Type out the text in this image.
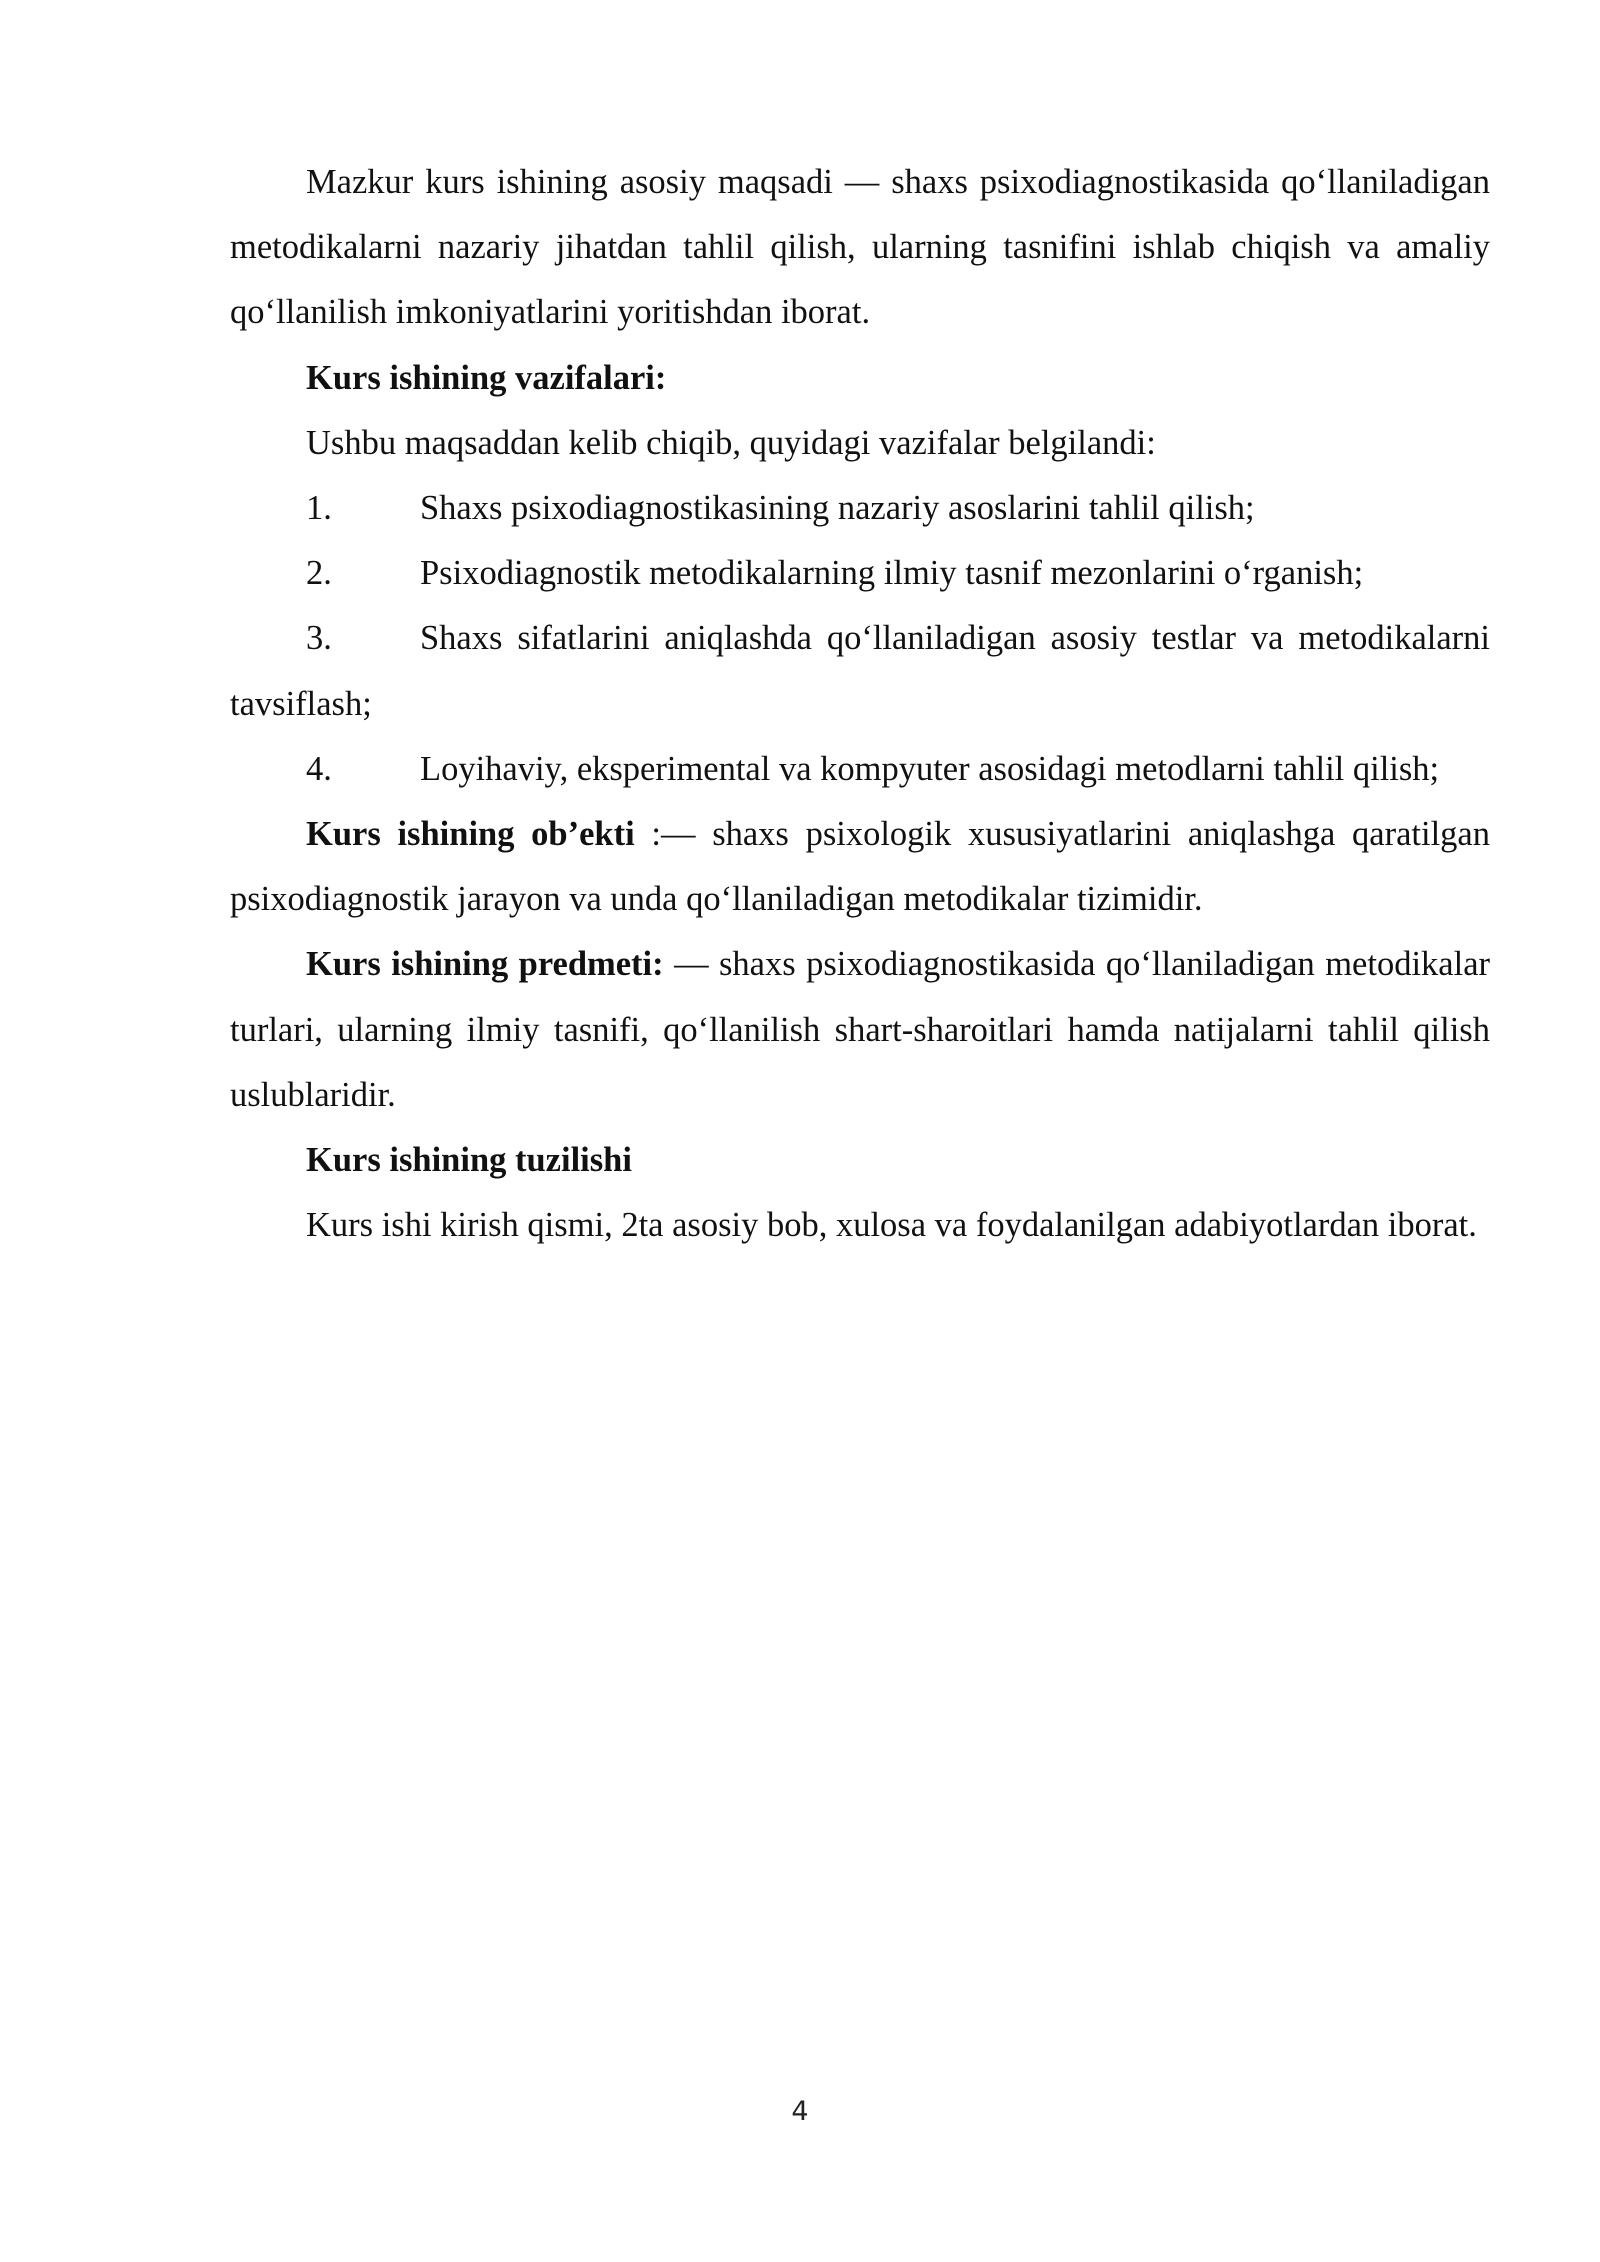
Mazkur kurs ishining asosiy maqsadi — shaxs psixodiagnostikasida qo‘llaniladigan metodikalarni nazariy jihatdan tahlil qilish, ularning tasnifini ishlab chiqish va amaliy qo‘llanilish imkoniyatlarini yoritishdan iborat.

Kurs ishining vazifalari:

Ushbu maqsaddan kelib chiqib, quyidagi vazifalar belgilandi:

1.	Shaxs psixodiagnostikasining nazariy asoslarini tahlil qilish;

2.	Psixodiagnostik metodikalarning ilmiy tasnif mezonlarini o‘rganish;

3.	Shaxs sifatlarini aniqlashda qo‘llaniladigan asosiy testlar va metodikalarni tavsiflash;

4.	Loyihaviy, eksperimental va kompyuter asosidagi metodlarni tahlil qilish;

Kurs ishining ob’ekti :— shaxs psixologik xususiyatlarini aniqlashga qaratilgan psixodiagnostik jarayon va unda qo‘llaniladigan metodikalar tizimidir.

Kurs ishining predmeti: — shaxs psixodiagnostikasida qo‘llaniladigan metodikalar turlari, ularning ilmiy tasnifi, qo‘llanilish shart-sharoitlari hamda natijalarni tahlil qilish uslublaridir.

Kurs ishining tuzilishi

Kurs ishi kirish qismi, 2ta asosiy bob, xulosa va foydalanilgan adabiyotlardan iborat.

4
